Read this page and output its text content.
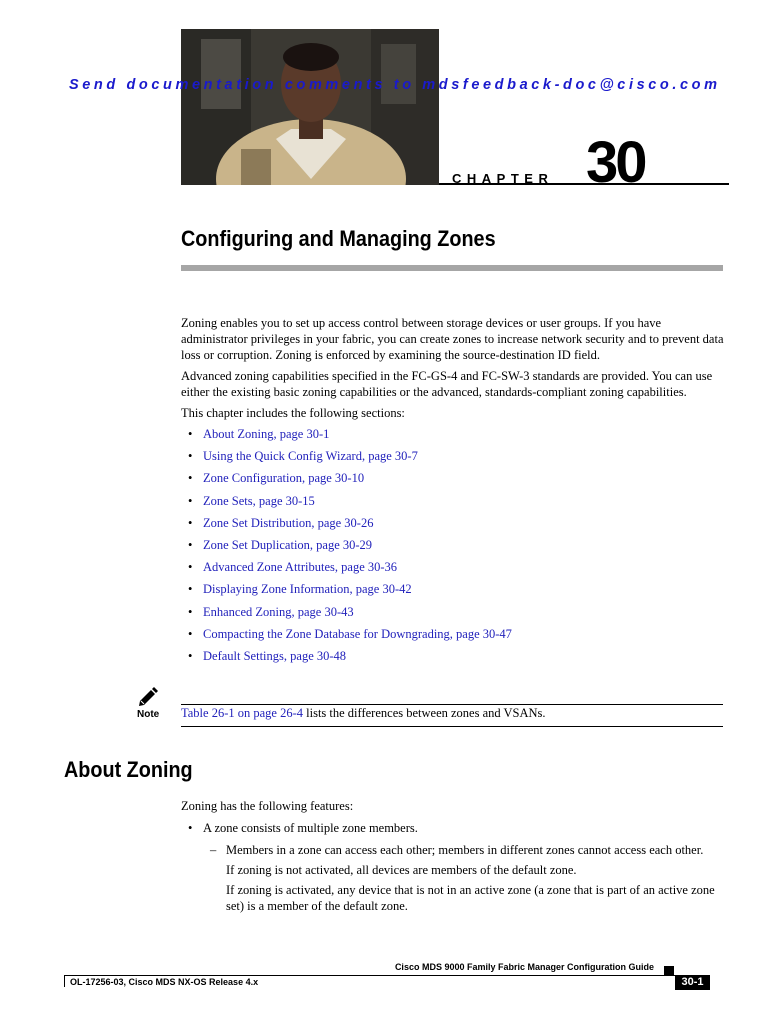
Send documentation comments to mdsfeedback-doc@cisco.com
CHAPTER 30
Configuring and Managing Zones

Zoning enables you to set up access control between storage devices or user groups. If you have administrator privileges in your fabric, you can create zones to increase network security and to prevent data loss or corruption. Zoning is enforced by examining the source-destination ID field.

Advanced zoning capabilities specified in the FC-GS-4 and FC-SW-3 standards are provided. You can use either the existing basic zoning capabilities or the advanced, standards-compliant zoning capabilities.

This chapter includes the following sections:

• About Zoning, page 30-1
• Using the Quick Config Wizard, page 30-7
• Zone Configuration, page 30-10
• Zone Sets, page 30-15
• Zone Set Distribution, page 30-26
• Zone Set Duplication, page 30-29
• Advanced Zone Attributes, page 30-36
• Displaying Zone Information, page 30-42
• Enhanced Zoning, page 30-43
• Compacting the Zone Database for Downgrading, page 30-47
• Default Settings, page 30-48
Note Table 26-1 on page 26-4 lists the differences between zones and VSANs.
About Zoning

Zoning has the following features:

• A zone consists of multiple zone members.
– Members in a zone can access each other; members in different zones cannot access each other.
If zoning is not activated, all devices are members of the default zone.
If zoning is activated, any device that is not in an active zone (a zone that is part of an active zone set) is a member of the default zone.
Cisco MDS 9000 Family Fabric Manager Configuration Guide
OL-17256-03, Cisco MDS NX-OS Release 4.x	30-1
